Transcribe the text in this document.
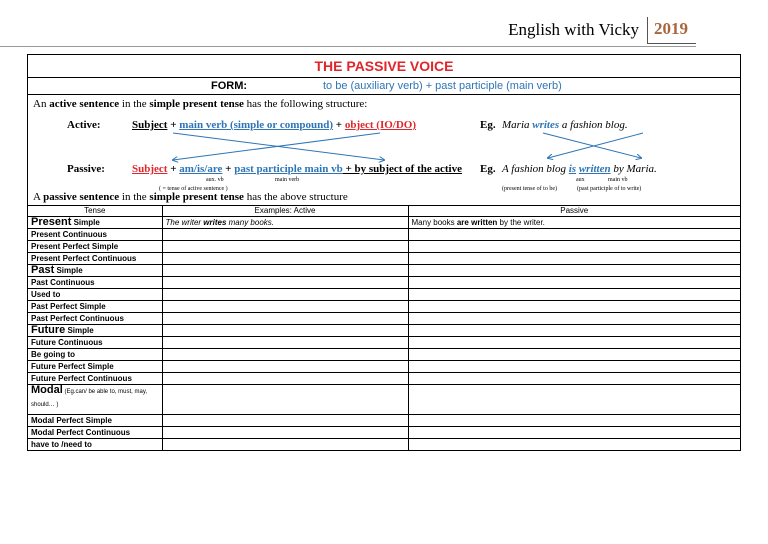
English with Vicky 2019
THE PASSIVE VOICE
FORM:	to be (auxiliary verb) + past participle (main verb)
An active sentence in the simple present tense has the following structure:
Active:	Subject + main verb (simple or compound) + object (IO/DO)
Passive: Subject + am/is/are + past participle main vb + by subject of the active
aux. vb	main verb
( = tense of active sentence )
Eg. Maria writes a fashion blog.
Eg. A fashion blog is written by Maria.
aux	main vb
(present tense of to be)	(past participle of to write)
A passive sentence in the simple present tense has the above structure
Tense	Examples: Active	Passive
Present Simple	The writer writes many books.	Many books are written by the writer.
Present Continuous		
Present Perfect Simple		
Present Perfect Continuous		
Past Simple		
Past Continuous		
Used to		
Past Perfect Simple		
Past Perfect Continuous		
Future Simple		
Future Continuous		
Be going to		
Future Perfect Simple		
Future Perfect Continuous		
Modal (Eg.can/ be able to, must, may, should… )		
Modal Perfect Simple		
Modal Perfect Continuous		
have to /need to		
